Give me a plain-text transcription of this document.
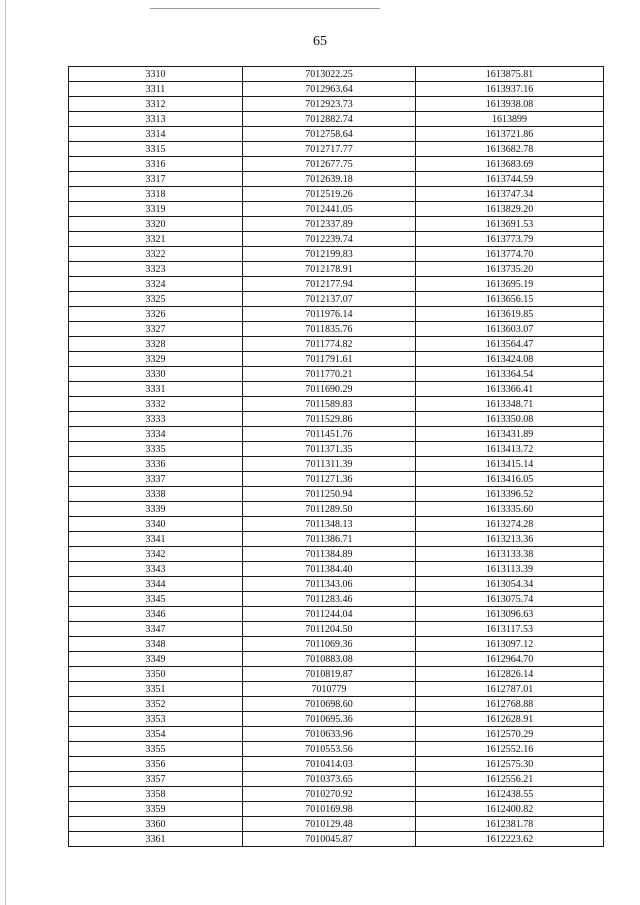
65
3310	7013022.25	1613875.81
3311	7012963.64	1613937.16
3312	7012923.73	1613938.08
3313	7012882.74	1613899
3314	7012758.64	1613721.86
3315	7012717.77	1613682.78
3316	7012677.75	1613683.69
3317	7012639.18	1613744.59
3318	7012519.26	1613747.34
3319	7012441.05	1613829.20
3320	7012337.89	1613691.53
3321	7012239.74	1613773.79
3322	7012199.83	1613774.70
3323	7012178.91	1613735.20
3324	7012177.94	1613695.19
3325	7012137.07	1613656.15
3326	7011976.14	1613619.85
3327	7011835.76	1613603.07
3328	7011774.82	1613564.47
3329	7011791.61	1613424.08
3330	7011770.21	1613364.54
3331	7011690.29	1613366.41
3332	7011589.83	1613348.71
3333	7011529.86	1613350.08
3334	7011451.76	1613431.89
3335	7011371.35	1613413.72
3336	7011311.39	1613415.14
3337	7011271.36	1613416.05
3338	7011250.94	1613396.52
3339	7011289.50	1613335.60
3340	7011348.13	1613274.28
3341	7011386.71	1613213.36
3342	7011384.89	1613133.38
3343	7011384.40	1613113.39
3344	7011343.06	1613054.34
3345	7011283.46	1613075.74
3346	7011244.04	1613096.63
3347	7011204.50	1613117.53
3348	7011069.36	1613097.12
3349	7010883.08	1612964.70
3350	7010819.87	1612826.14
3351	7010779	1612787.01
3352	7010698.60	1612768.88
3353	7010695.36	1612628.91
3354	7010633.96	1612570.29
3355	7010553.56	1612552.16
3356	7010414.03	1612575.30
3357	7010373.65	1612556.21
3358	7010270.92	1612438.55
3359	7010169.98	1612400.82
3360	7010129.48	1612381.78
3361	7010045.87	1612223.62
